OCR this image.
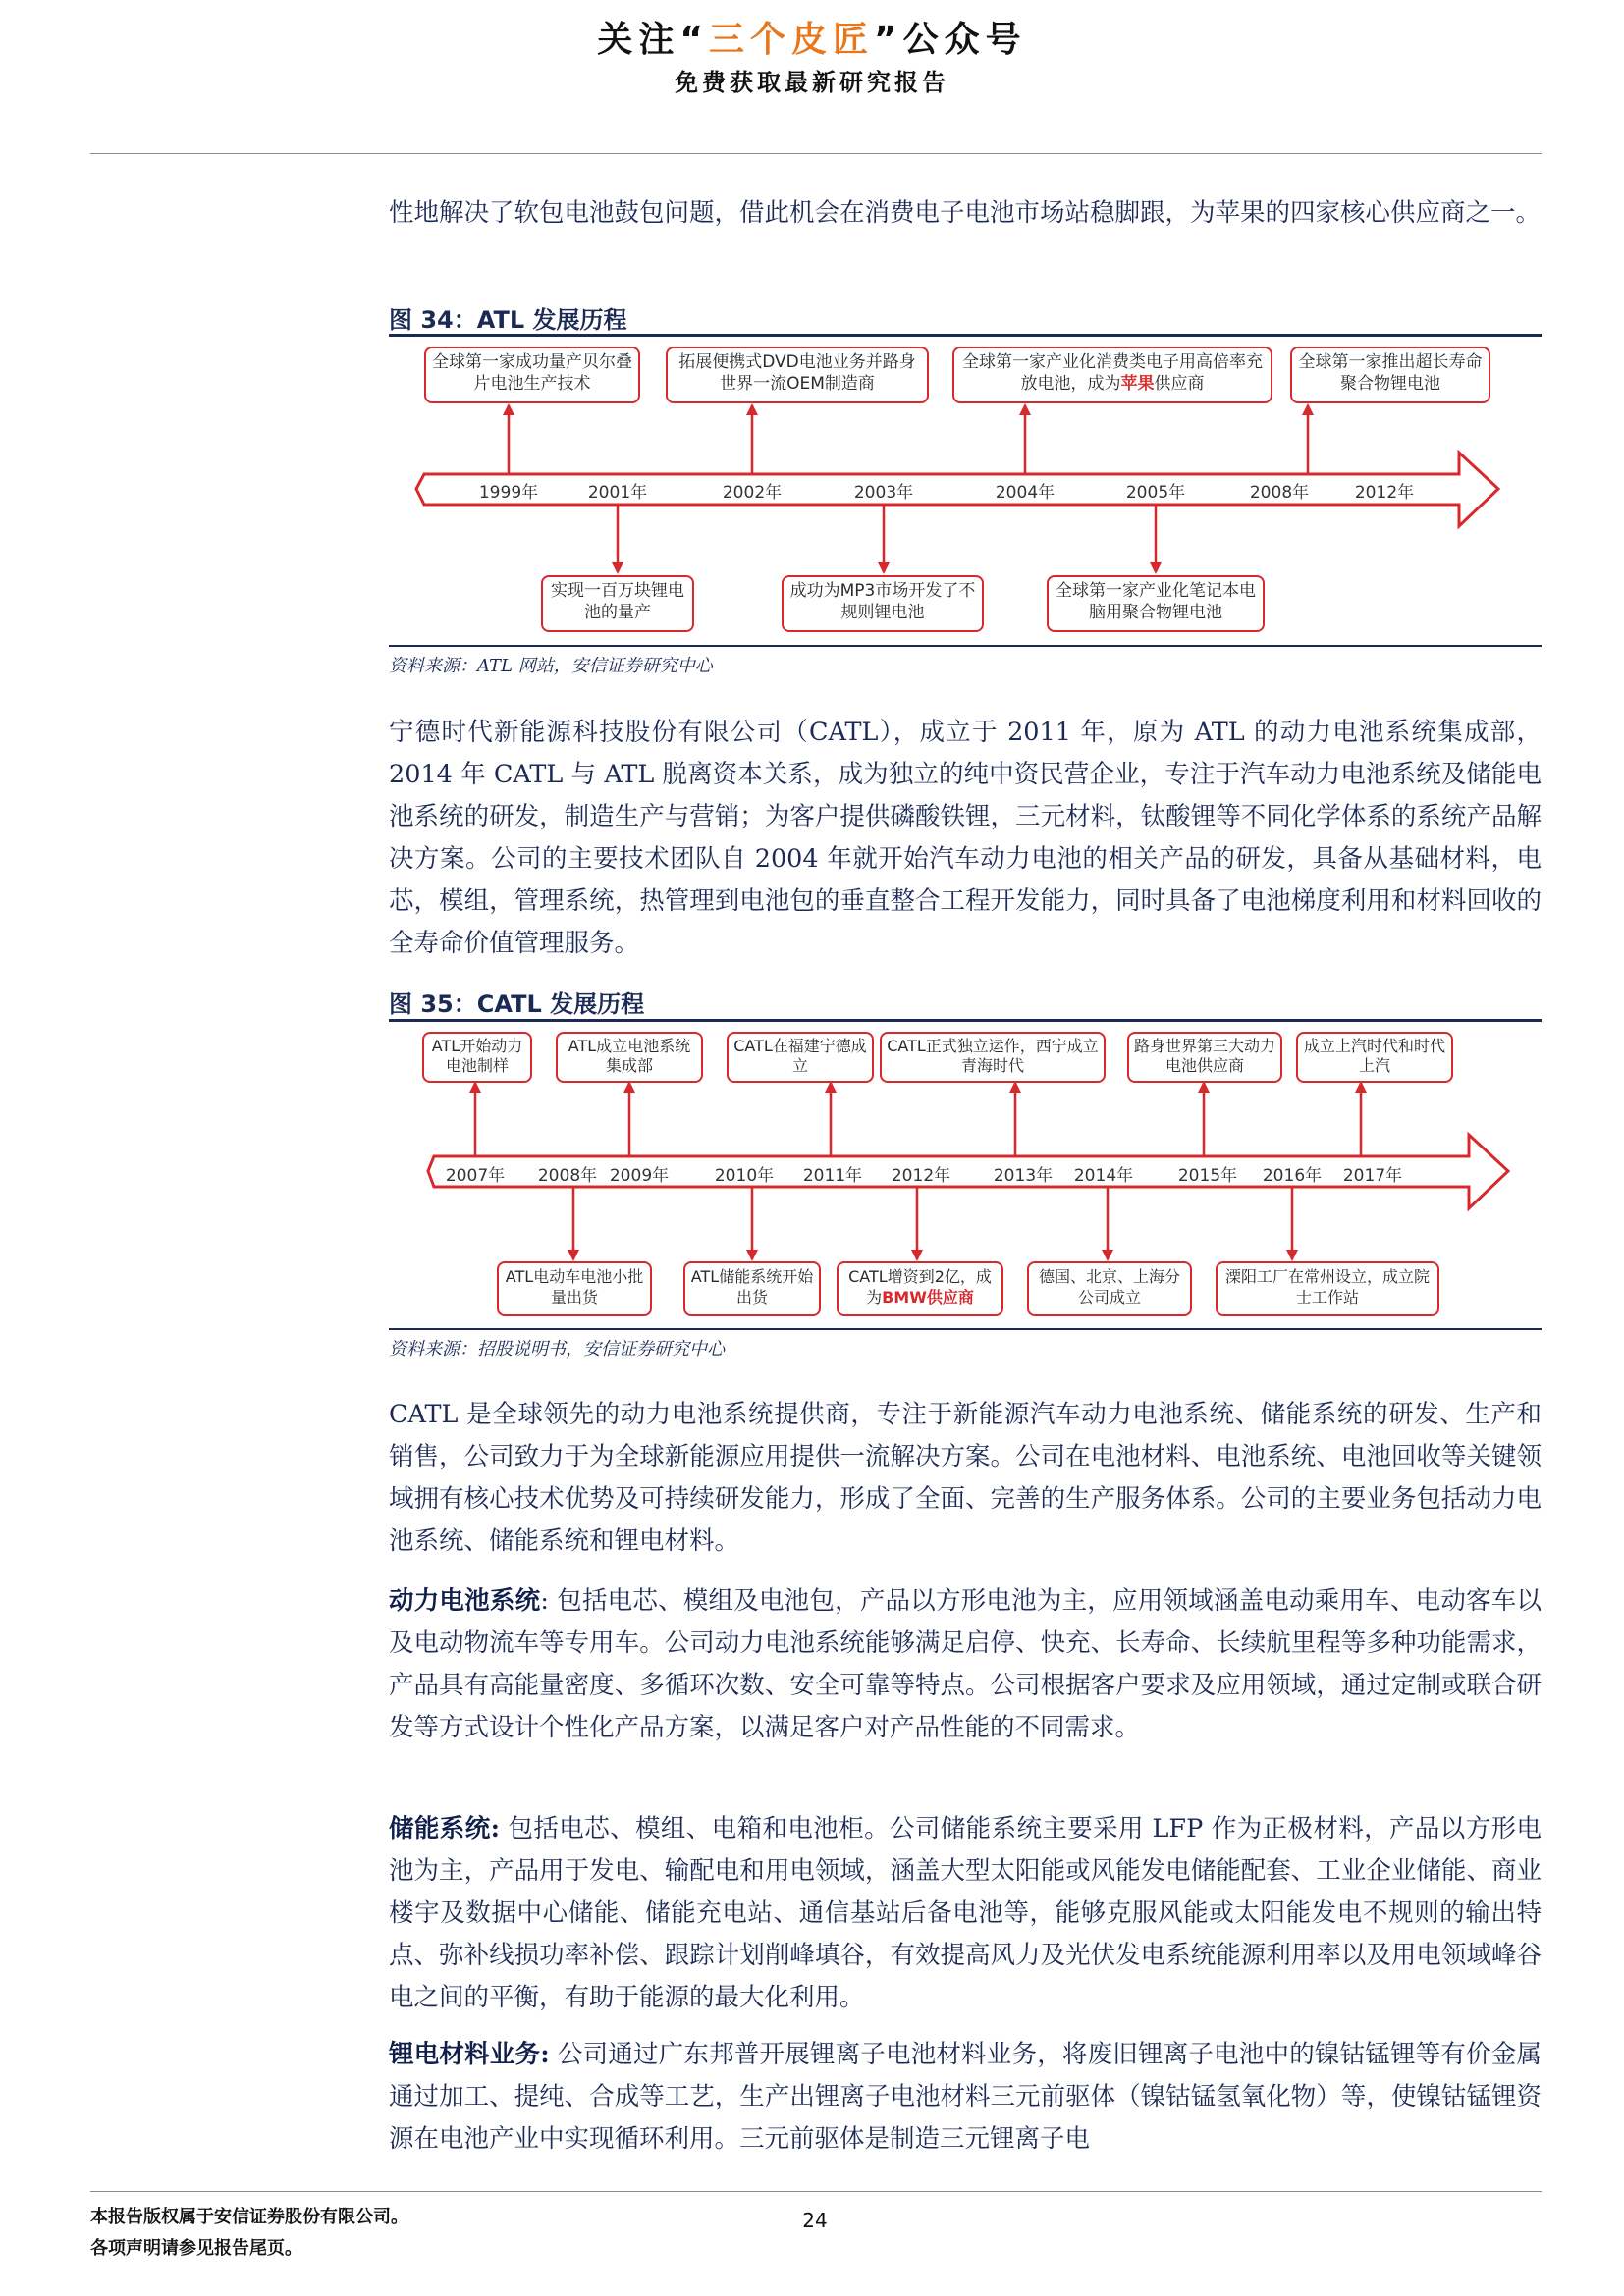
关注“三个皮匠”公众号
免费获取最新研究报告
性地解决了软包电池鼓包问题，借此机会在消费电子电池市场站稳脚跟，为苹果的四家核心供应商之一。
图 34：ATL 发展历程
1999年	2001年	2002年	2003年	2004年	2005年	2008年	2012年
全球第一家成功量产贝尔叠片电池生产技术
拓展便携式DVD电池业务并路身世界一流OEM制造商
全球第一家产业化消费类电子用高倍率充放电池，成为苹果供应商
全球第一家推出超长寿命聚合物锂电池
实现一百万块锂电池的量产
成功为MP3市场开发了不规则锂电池
全球第一家产业化笔记本电脑用聚合物锂电池
资料来源：ATL 网站，安信证券研究中心
宁德时代新能源科技股份有限公司（CATL），成立于 2011 年，原为 ATL 的动力电池系统集成部，2014 年 CATL 与 ATL 脱离资本关系，成为独立的纯中资民营企业，专注于汽车动力电池系统及储能电池系统的研发，制造生产与营销；为客户提供磷酸铁锂，三元材料，钛酸锂等不同化学体系的系统产品解决方案。公司的主要技术团队自 2004 年就开始汽车动力电池的相关产品的研发，具备从基础材料，电芯，模组，管理系统，热管理到电池包的垂直整合工程开发能力，同时具备了电池梯度利用和材料回收的全寿命价值管理服务。
图 35：CATL 发展历程
2007年 2008年 2009年	2010年 2011年 2012年	2013年 2014年	2015年 2016年 2017年
ATL开始动力电池制样
ATL成立电池系统集成部
CATL在福建宁德成立
CATL正式独立运作，西宁成立青海时代
路身世界第三大动力电池供应商
成立上汽时代和时代上汽
ATL电动车电池小批量出货
ATL储能系统开始出货
CATL增资到2亿，成为BMW供应商
德国、北京、上海分公司成立
溧阳工厂在常州设立，成立院士工作站
资料来源：招股说明书，安信证券研究中心
CATL 是全球领先的动力电池系统提供商，专注于新能源汽车动力电池系统、储能系统的研发、生产和销售，公司致力于为全球新能源应用提供一流解决方案。公司在电池材料、电池系统、电池回收等关键领域拥有核心技术优势及可持续研发能力，形成了全面、完善的生产服务体系。公司的主要业务包括动力电池系统、储能系统和锂电材料。
动力电池系统: 包括电芯、模组及电池包，产品以方形电池为主，应用领域涵盖电动乘用车、电动客车以及电动物流车等专用车。公司动力电池系统能够满足启停、快充、长寿命、长续航里程等多种功能需求，产品具有高能量密度、多循环次数、安全可靠等特点。公司根据客户要求及应用领域，通过定制或联合研发等方式设计个性化产品方案，以满足客户对产品性能的不同需求。
储能系统: 包括电芯、模组、电箱和电池柜。公司储能系统主要采用 LFP 作为正极材料，产品以方形电池为主，产品用于发电、输配电和用电领域，涵盖大型太阳能或风能发电储能配套、工业企业储能、商业楼宇及数据中心储能、储能充电站、通信基站后备电池等，能够克服风能或太阳能发电不规则的输出特点、弥补线损功率补偿、跟踪计划削峰填谷，有效提高风力及光伏发电系统能源利用率以及用电领域峰谷电之间的平衡，有助于能源的最大化利用。
锂电材料业务: 公司通过广东邦普开展锂离子电池材料业务，将废旧锂离子电池中的镍钴锰锂等有价金属通过加工、提纯、合成等工艺，生产出锂离子电池材料三元前驱体（镍钴锰氢氧化物）等，使镍钴锰锂资源在电池产业中实现循环利用。三元前驱体是制造三元锂离子电
本报告版权属于安信证券股份有限公司。
各项声明请参见报告尾页。
24
